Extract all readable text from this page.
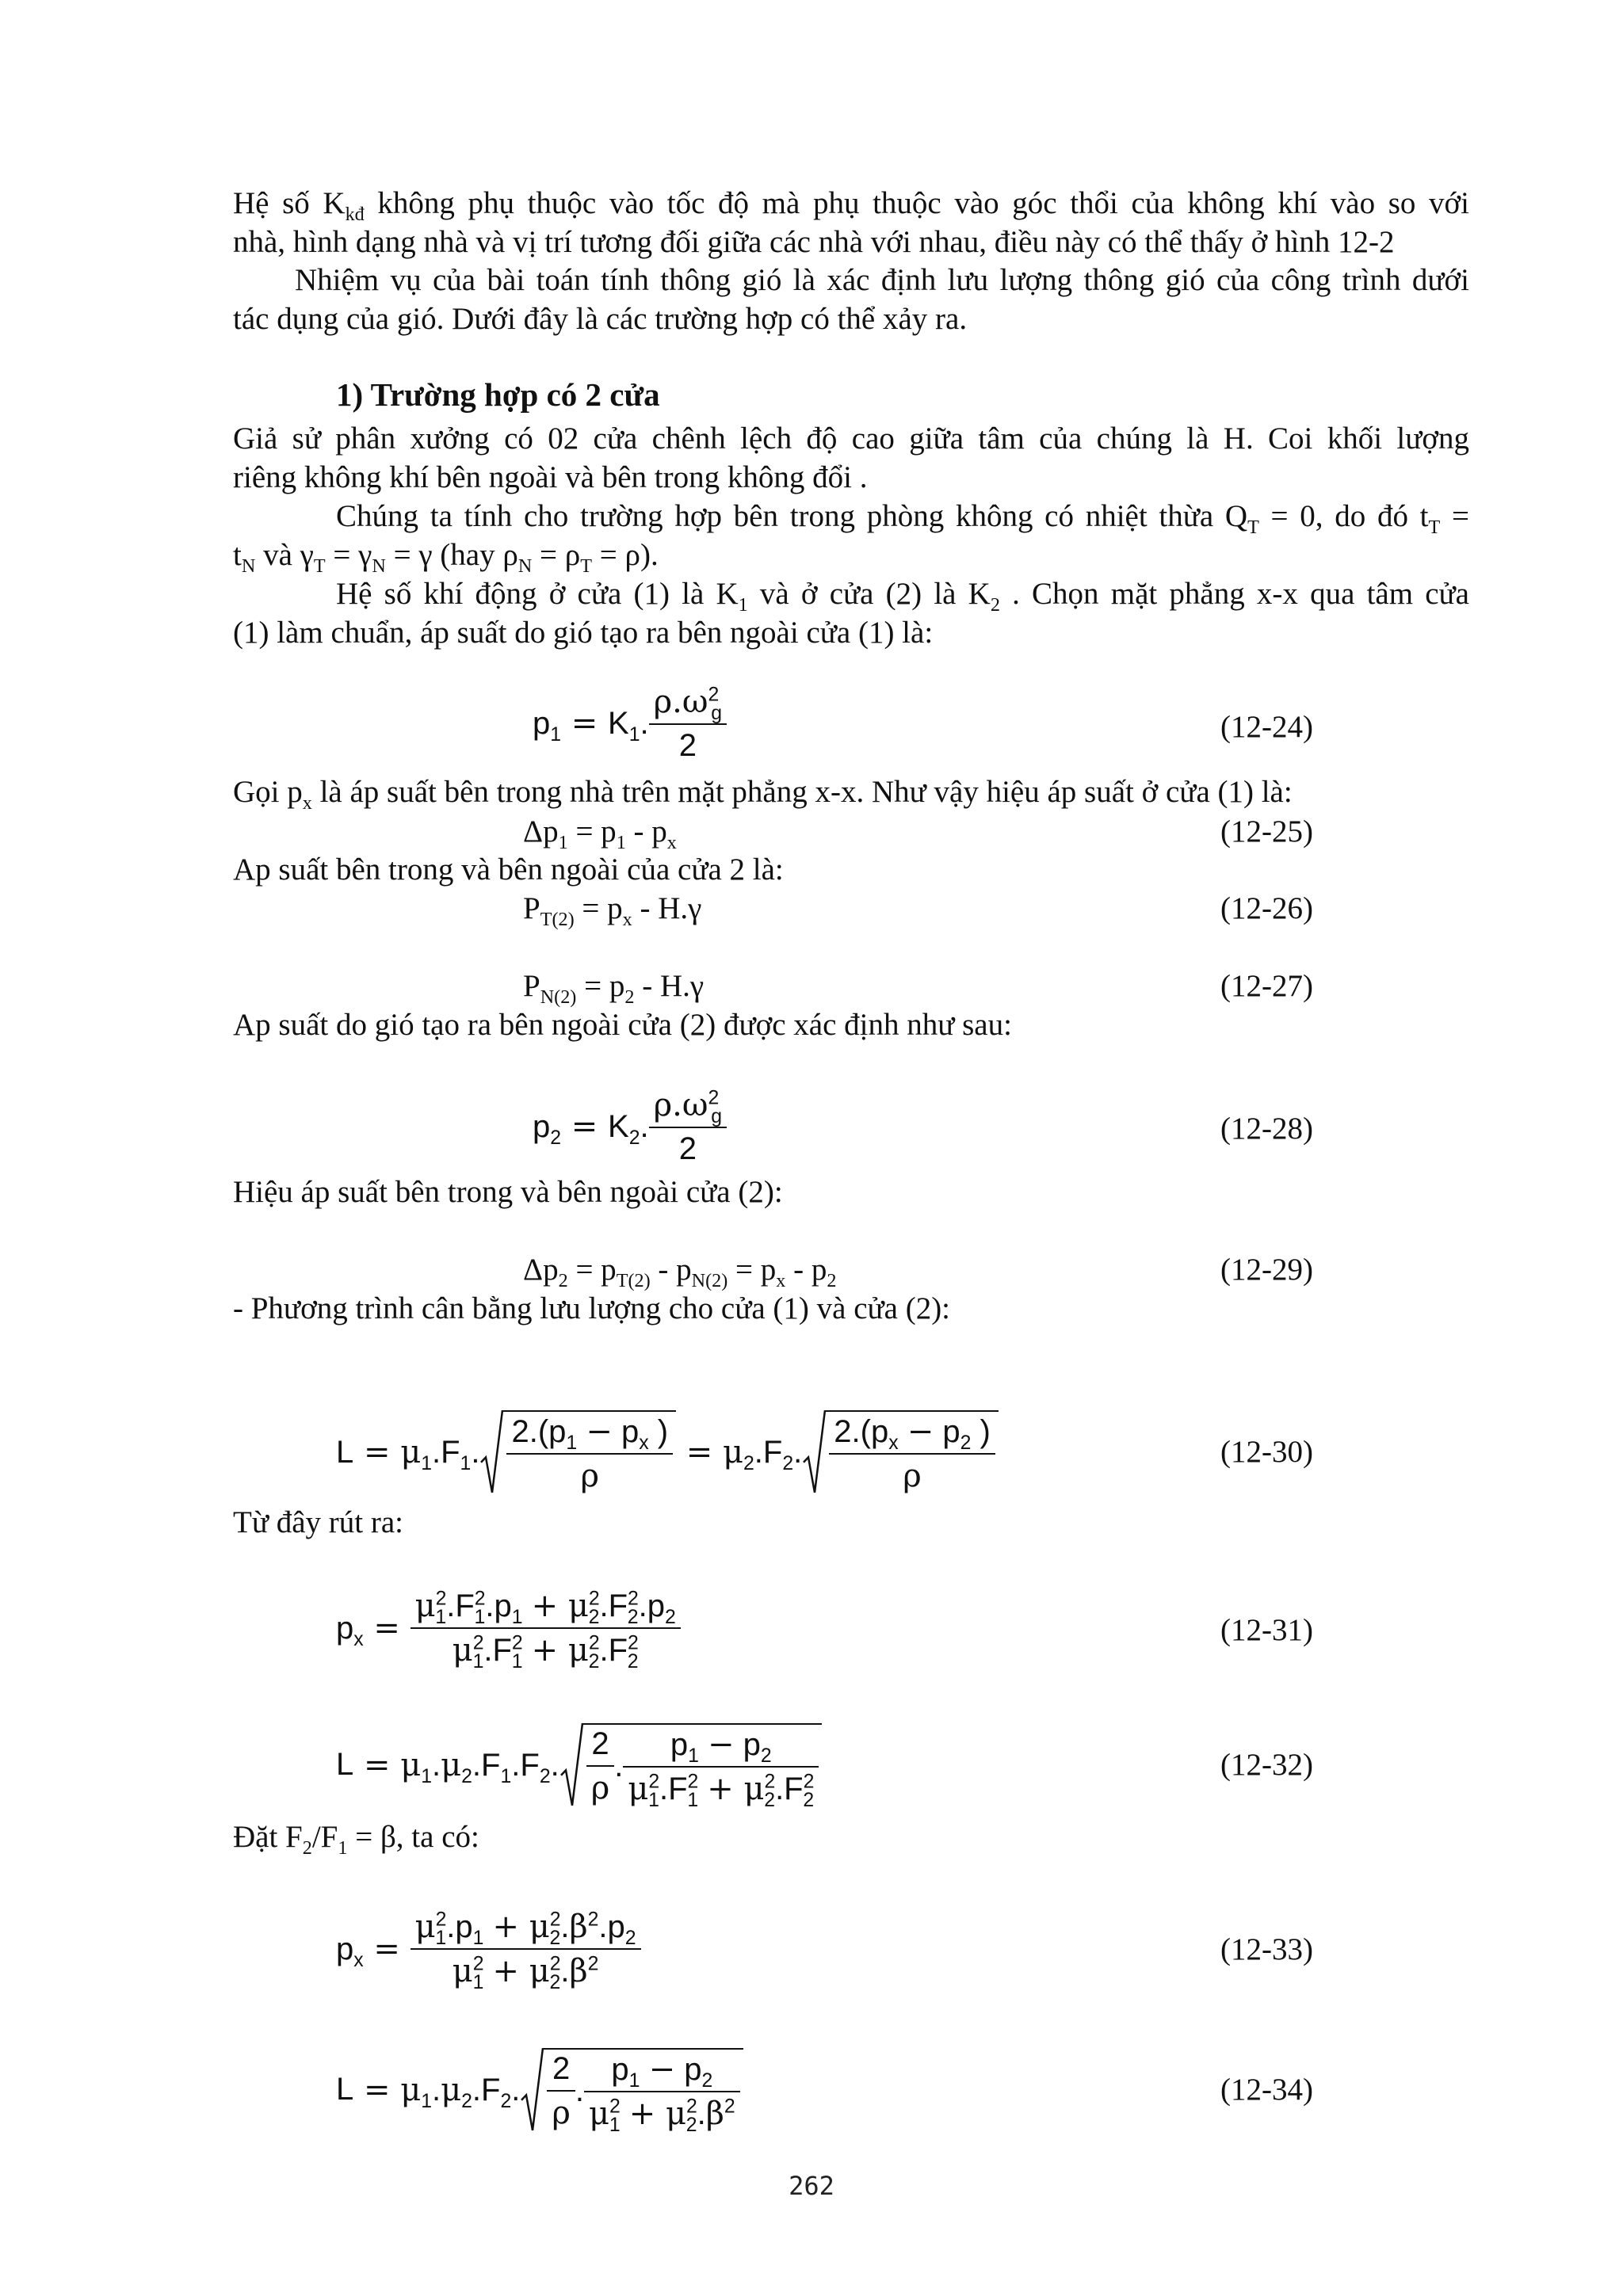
Hệ số $K_{kđ}$ không phụ thuộc vào tốc độ mà phụ thuộc vào góc thổi của không khí vào so với
nhà, hình dạng nhà và vị trí tương đối giữa các nhà với nhau, điều này có thể thấy ở hình 12-2
Nhiệm vụ của bài toán tính thông gió là xác định lưu lượng thông gió của công trình dưới
tác dụng của gió. Dưới đây là các trường hợp có thể xảy ra.
1) Trường hợp có 2 cửa
Giả sử phân xưởng có 02 cửa chênh lệch độ cao giữa tâm của chúng là H. Coi khối lượng
riêng không khí bên ngoài và bên trong không đổi .
Chúng ta tính cho trường hợp bên trong phòng không có nhiệt thừa $Q_T = 0$, do đó $t_T$ =
$t_N$ và $\gamma_T = \gamma_N = \gamma$ (hay $\rho_N = \rho_T = \rho$).
Hệ số khí động ở cửa (1) là $K_1$ và ở cửa (2) là $K_2$ . Chọn mặt phẳng x-x qua tâm cửa
(1) làm chuẩn, áp suất do gió tạo ra bên ngoài cửa (1) là:
$p_1 = K_1$. $\frac{\rho.\omega^2_g}{2}$	(12-24)
Gọi $p_x$ là áp suất bên trong nhà trên mặt phẳng x-x. Như vậy hiệu áp suất ở cửa (1) là:
$\Delta p_1 = p_1 - p_x$	(12-25)
Ap suất bên trong và bên ngoài của cửa 2 là:
$P_{T(2)} = p_x - H.\gamma$	(12-26)
$P_{N(2)} = p_2 - H.\gamma$	(12-27)
Ap suất do gió tạo ra bên ngoài cửa (2) được xác định như sau:
$p_2 = K_2$. $\frac{\rho.\omega^2_g}{2}$	(12-28)
Hiệu áp suất bên trong và bên ngoài cửa (2):
$\Delta p_2 = p_{T(2)} - p_{N(2)} = p_x - p_2$	(12-29)
- Phương trình cân bằng lưu lượng cho cửa (1) và cửa (2):
L = μ $_1.F_1$. $\frac{2.(p_1 - p_x )}{\rho} = \mu$ $_2.F_2$. $\frac{2.(p_x - p_2 )}{\rho}$	(12-30)
Từ đây rút ra:
$p_x = \frac{\mu^2_1.F^2_1.p_1 + \mu^2_2.F^2_2.p_2}{\mu^2_1.F^2_1 + \mu^2_2.F^2_2}$	(12-31)
L = μ $_1.\mu_2.F_1.F_2$. $\frac{2}{\rho}$ . $\frac{p_1 - p_2}{\mu^2_1.F^2_1 + \mu^2_2.F^2_2}$	(12-32)
Đặt $F_2/F_1 = \beta$, ta có:
$p_x = \frac{\mu^2_1.p_1 + \mu^2_2.\beta^2.p_2}{\mu^2_1 + \mu^2_2.\beta^2}$	(12-33)
L = μ $_1.\mu_2.F_2$. $\frac{2}{\rho}$ . $\frac{p_1 - p_2}{\mu^2_1 + \mu^2_2.\beta^2}$	(12-34)
262
